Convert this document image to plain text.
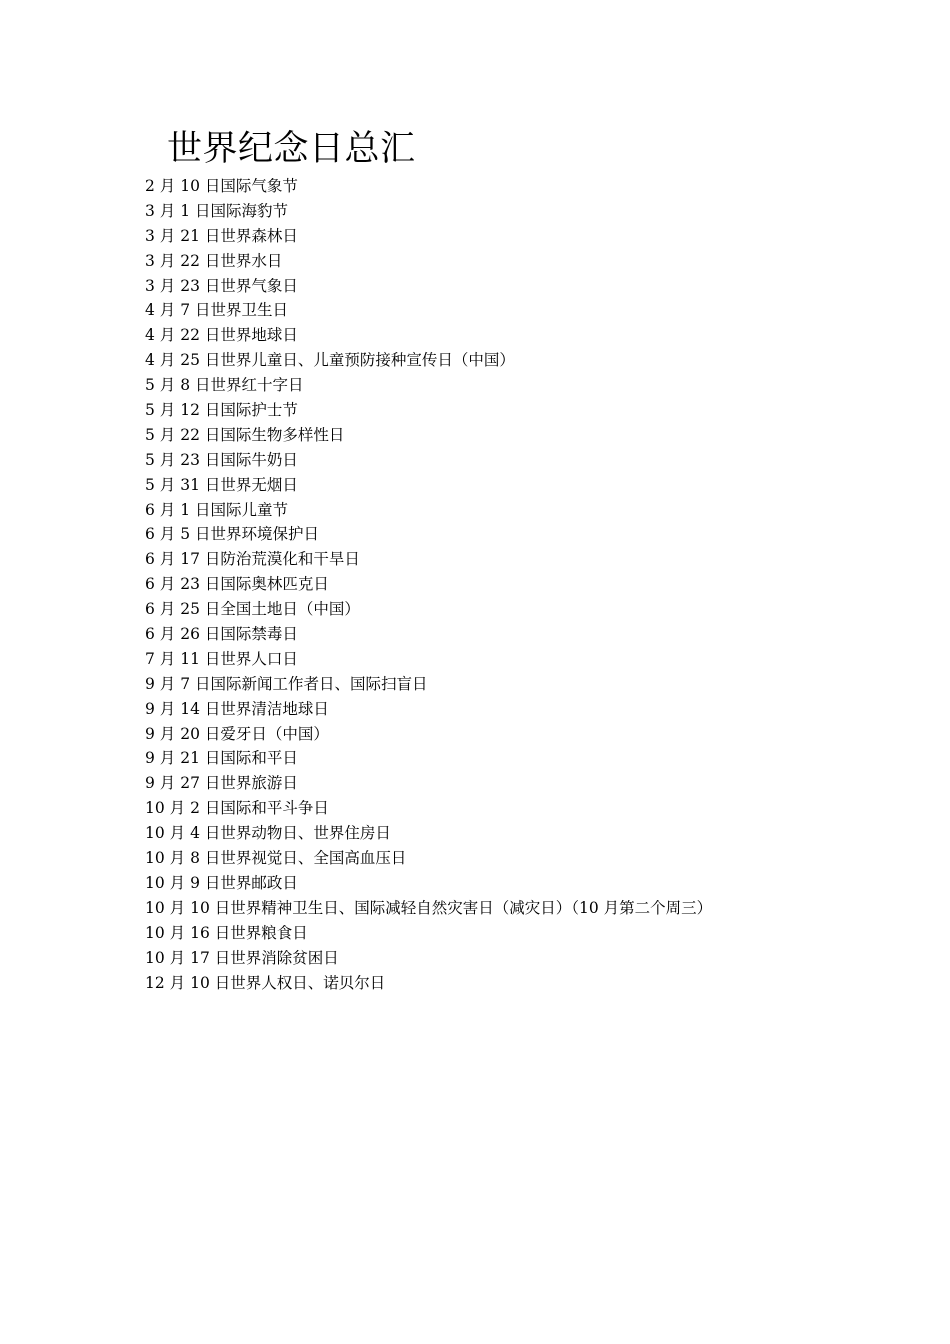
世界纪念日总汇
2 月 10 日国际气象节
3 月 1 日国际海豹节
3 月 21 日世界森林日
3 月 22 日世界水日
3 月 23 日世界气象日
4 月 7 日世界卫生日
4 月 22 日世界地球日
4 月 25 日世界儿童日、儿童预防接种宣传日（中国）
5 月 8 日世界红十字日
5 月 12 日国际护士节
5 月 22 日国际生物多样性日
5 月 23 日国际牛奶日
5 月 31 日世界无烟日
6 月 1 日国际儿童节
6 月 5 日世界环境保护日
6 月 17 日防治荒漠化和干旱日
6 月 23 日国际奥林匹克日
6 月 25 日全国土地日（中国）
6 月 26 日国际禁毒日
7 月 11 日世界人口日
9 月 7 日国际新闻工作者日、国际扫盲日
9 月 14 日世界清洁地球日
9 月 20 日爱牙日（中国）
9 月 21 日国际和平日
9 月 27 日世界旅游日
10 月 2 日国际和平斗争日
10 月 4 日世界动物日、世界住房日
10 月 8 日世界视觉日、全国高血压日
10 月 9 日世界邮政日
10 月 10 日世界精神卫生日、国际减轻自然灾害日（减灾日）（10 月第二个周三）
10 月 16 日世界粮食日
10 月 17 日世界消除贫困日
12 月 10 日世界人权日、诺贝尔日
